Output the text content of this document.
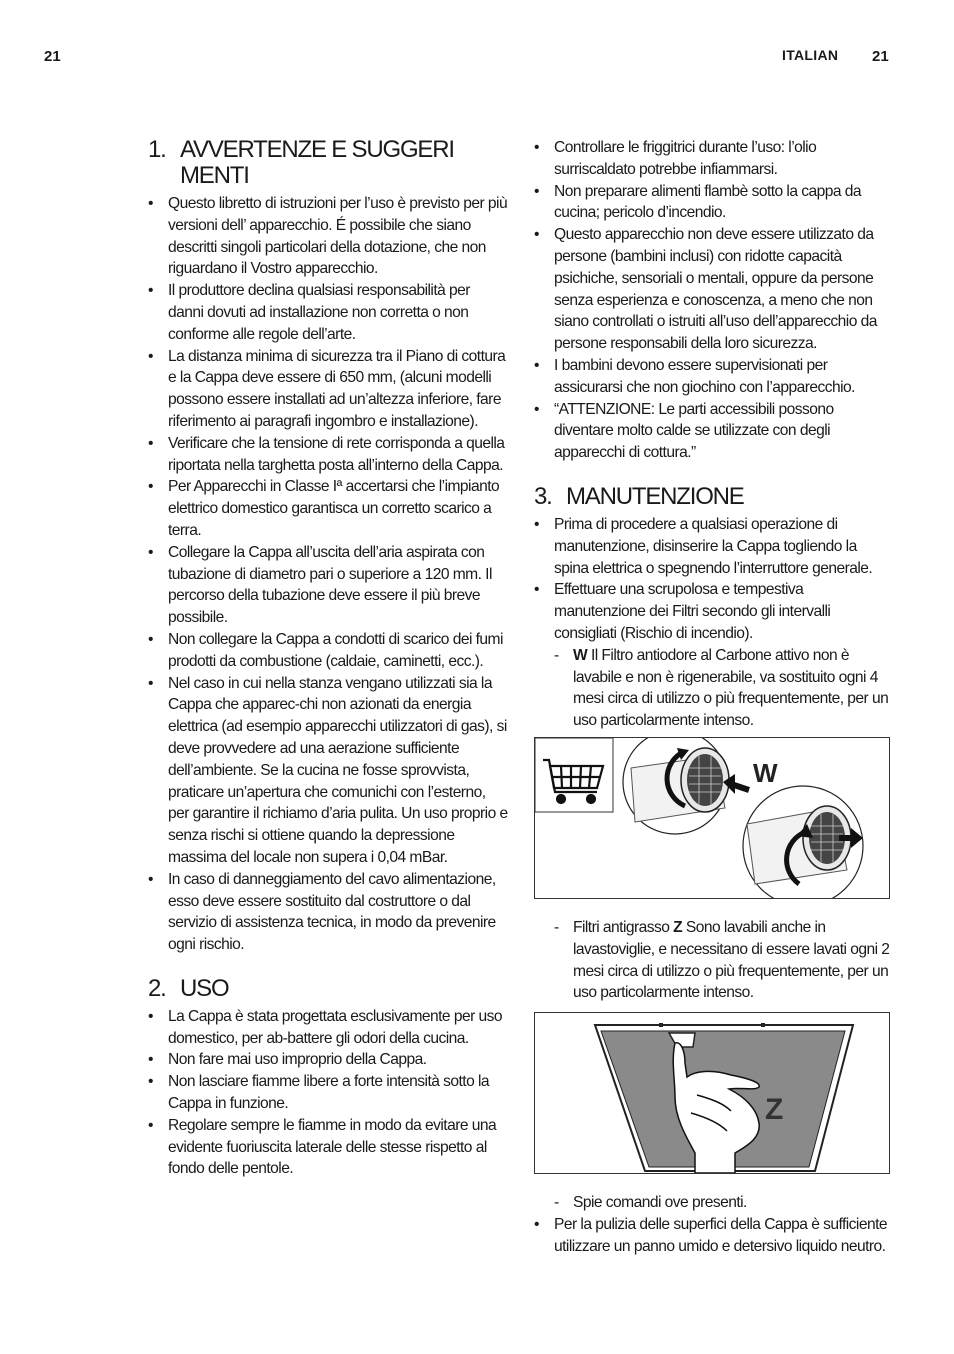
21	ITALIAN 21
1. AVVERTENZE E SUGGERI MENTI
• Questo libretto di istruzioni per l’uso è previsto per più versioni dell’ apparecchio. É possibile che siano descritti singoli particolari della dotazione, che non riguardano il Vostro apparecchio.
• Il produttore declina qualsiasi responsabilità per danni dovuti ad installazione non corretta o non conforme alle regole dell’arte.
• La distanza minima di sicurezza tra il Piano di cottura e la Cappa deve essere di 650 mm, (alcuni modelli possono essere installati ad un’altezza inferiore, fare riferimento ai paragrafi ingombro e installazione).
• Verificare che la tensione di rete corrisponda a quella riportata nella targhetta posta all’interno della Cappa.
• Per Apparecchi in Classe Iª accertarsi che l’impianto elettrico domestico garantisca un corretto scarico a terra.
• Collegare la Cappa all’uscita dell’aria aspirata con tubazione di diametro pari o superiore a 120 mm. Il percorso della tubazione deve essere il più breve possibile.
• Non collegare la Cappa a condotti di scarico dei fumi prodotti da combustione (caldaie, caminetti, ecc.).
• Nel caso in cui nella stanza vengano utilizzati sia la Cappa che apparec-chi non azionati da energia elettrica (ad esempio apparecchi utilizzatori di gas), si deve provvedere ad una aerazione sufficiente dell’ambiente. Se la cucina ne fosse sprovvista, praticare un’apertura che comunichi con l’esterno, per garantire il richiamo d’aria pulita. Un uso proprio e senza rischi si ottiene quando la depressione massima del locale non supera i 0,04 mBar.
• In caso di danneggiamento del cavo alimentazione, esso deve essere sostituito dal costruttore o dal servizio di assistenza tecnica, in modo da prevenire ogni rischio.
2. USO
• La Cappa è stata progettata esclusivamente per uso domestico, per ab-battere gli odori della cucina.
• Non fare mai uso improprio della Cappa.
• Non lasciare fiamme libere a forte intensità sotto la Cappa in funzione.
• Regolare sempre le fiamme in modo da evitare una evidente fuoriuscita laterale delle stesse rispetto al fondo delle pentole.
• Controllare le friggitrici durante l’uso: l’olio surriscaldato potrebbe infiammarsi.
• Non preparare alimenti flambè sotto la cappa da cucina; pericolo d’incendio.
• Questo apparecchio non deve essere utilizzato da persone (bambini inclusi) con ridotte capacità psichiche, sensoriali o mentali, oppure da persone senza esperienza e conoscenza, a meno che non siano controllati o istruiti all’uso dell’apparecchio da persone responsabili della loro sicurezza.
• I bambini devono essere supervisionati per assicurarsi che non giochino con l’apparecchio.
• “ATTENZIONE: Le parti accessibili possono diventare molto calde se utilizzate con degli apparecchi di cottura.”
3. MANUTENZIONE
• Prima di procedere a qualsiasi operazione di manutenzione, disinserire la Cappa togliendo la spina elettrica o spegnendo l’interruttore generale.
• Effettuare una scrupolosa e tempestiva manutenzione dei Filtri secondo gli intervalli consigliati (Rischio di incendio).
- W Il Filtro antiodore al Carbone attivo non è lavabile e non è rigenerabile, va sostituito ogni 4 mesi circa di utilizzo o più frequentemente, per un uso particolarmente intenso.
W
- Filtri antigrasso Z Sono lavabili anche in lavastoviglie, e necessitano di essere lavati ogni 2 mesi circa di utilizzo o più frequentemente, per un uso particolarmente intenso.
Z
- Spie comandi ove presenti.
• Per la pulizia delle superfici della Cappa è sufficiente utilizzare un panno umido e detersivo liquido neutro.
